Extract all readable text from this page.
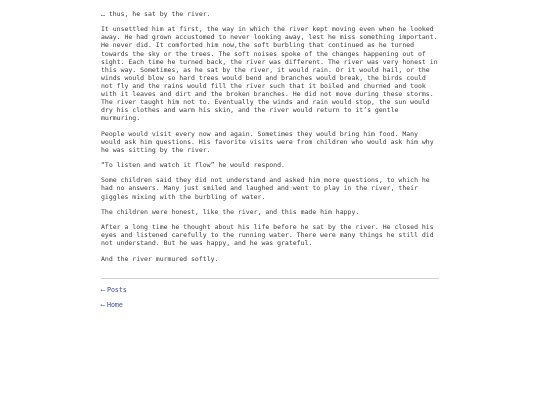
… thus, he sat by the river.

It unsettled him at first, the way in which the river kept moving even when he looked away. He had grown accustomed to never looking away, lest he miss something important. He never did. It comforted him now,the soft burbling that continued as he turned towards the sky or the trees. The soft noises spoke of the changes happening out of sight. Each time he turned back, the river was different. The river was very honest in this way. Sometimes, as he sat by the river, it would rain. Or it would hail, or the winds would blow so hard trees would bend and branches would break, the birds could not fly and the rains would fill the river such that it boiled and churned and took with it leaves and dirt and the broken branches. He did not move during these storms. The river taught him not to. Eventually the winds and rain would stop, the sun would dry his clothes and warm his skin, and the river would return to it’s gentle murmuring.

People would visit every now and again. Sometimes they would bring him food. Many would ask him questions. His favorite visits were from children who would ask him why he was sitting by the river.

“To listen and watch it flow” he would respond.

Some children said they did not understand and asked him more questions, to which he had no answers. Many just smiled and laughed and went to play in the river, their giggles mixing with the burbling of water.

The children were honest, like the river, and this made him happy.

After a long time he thought about his life before he sat by the river. He closed his eyes and listened carefully to the running water. There were many things he still did not understand. But he was happy, and he was grateful.

And the river murmured softly.

⟵ Posts
⟵ Home
